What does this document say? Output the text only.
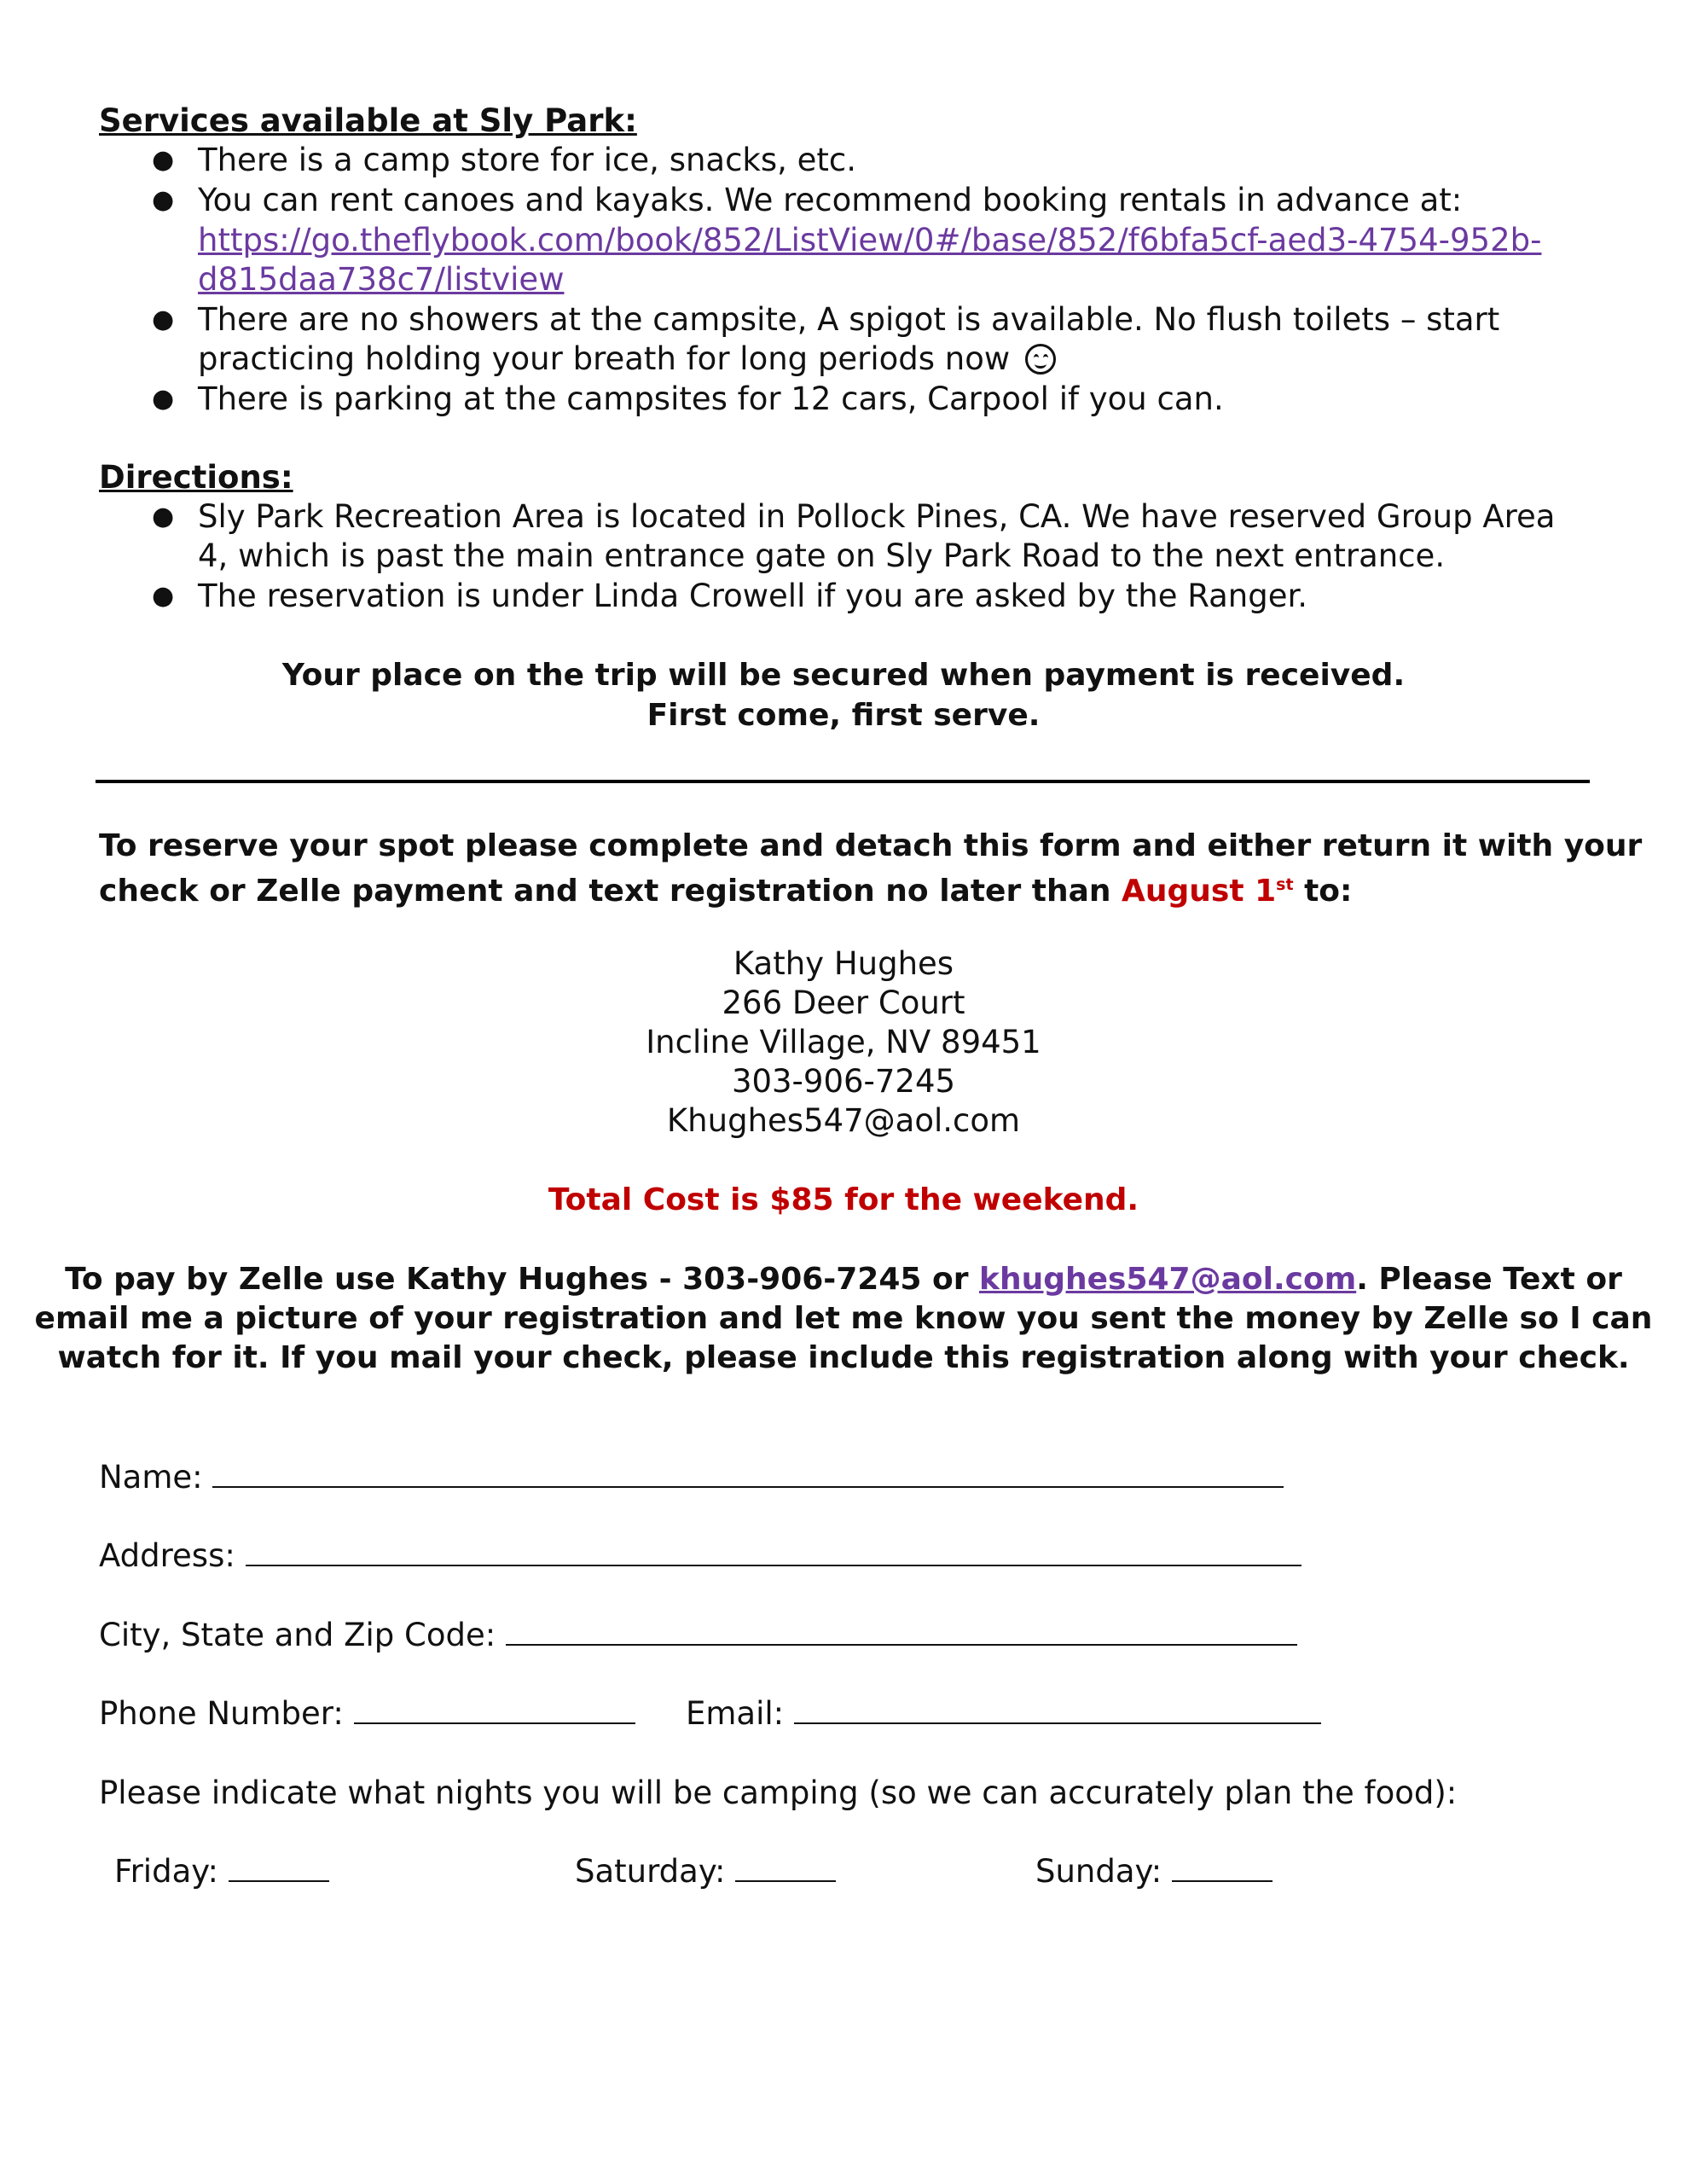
Services available at Sly Park:
● There is a camp store for ice, snacks, etc.
● You can rent canoes and kayaks. We recommend booking rentals in advance at:
https://go.theflybook.com/book/852/ListView/0#/base/852/f6bfa5cf-aed3-4754-952b-
d815daa738c7/listview
● There are no showers at the campsite, A spigot is available. No flush toilets – start
practicing holding your breath for long periods now
● There is parking at the campsites for 12 cars, Carpool if you can.
Directions:
● Sly Park Recreation Area is located in Pollock Pines, CA. We have reserved Group Area
4, which is past the main entrance gate on Sly Park Road to the next entrance.
● The reservation is under Linda Crowell if you are asked by the Ranger.
Your place on the trip will be secured when payment is received.
First come, first serve.
To reserve your spot please complete and detach this form and either return it with your
check or Zelle payment and text registration no later than August 1st to:
Kathy Hughes
266 Deer Court
Incline Village, NV 89451
303-906-7245
Khughes547@aol.com
Total Cost is $85 for the weekend.
To pay by Zelle use Kathy Hughes - 303-906-7245 or khughes547@aol.com. Please Text or
email me a picture of your registration and let me know you sent the money by Zelle so I can
watch for it. If you mail your check, please include this registration along with your check.
Name:
Address:
City, State and Zip Code:
Phone Number:	Email:
Please indicate what nights you will be camping (so we can accurately plan the food):
Friday:	Saturday:	Sunday:
